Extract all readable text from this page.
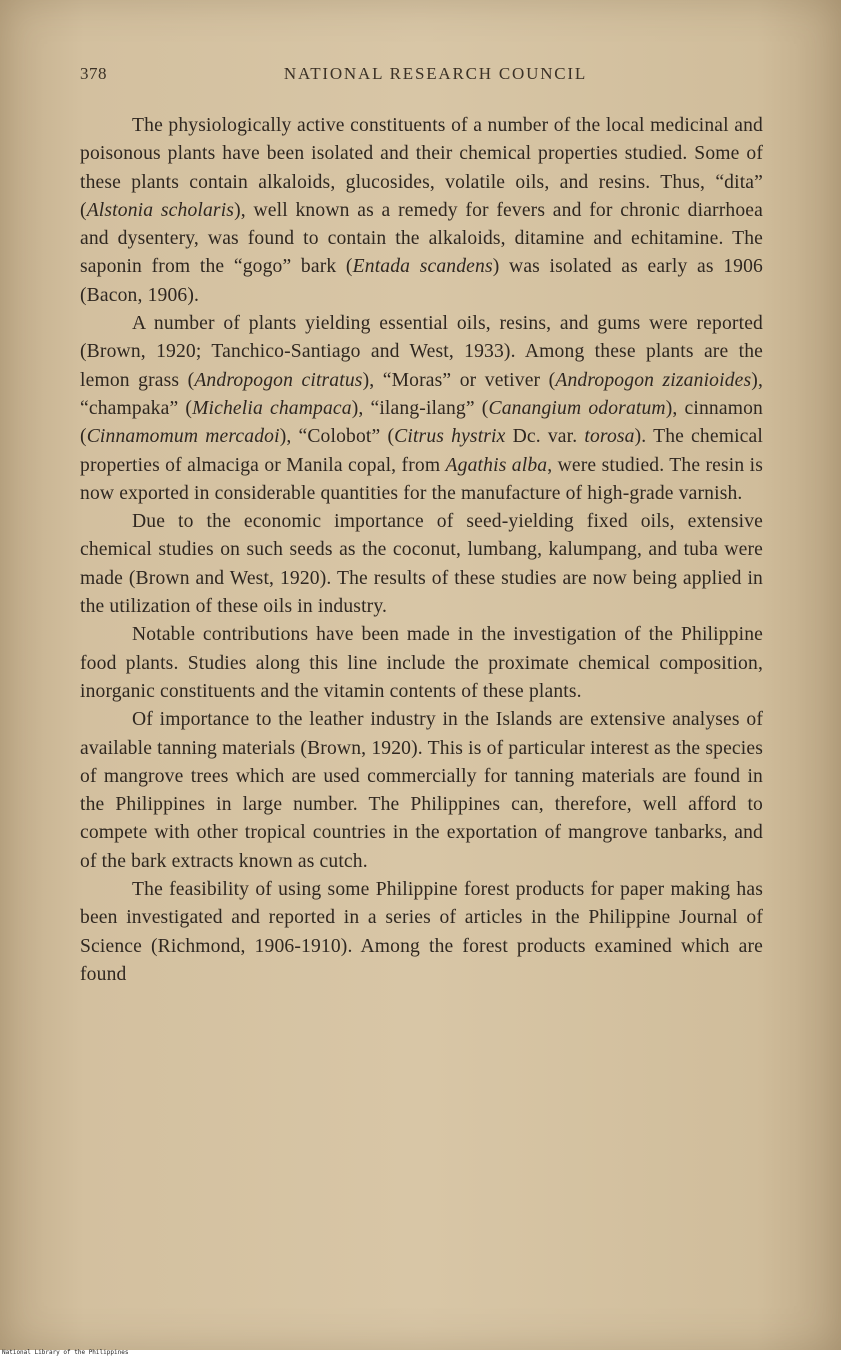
378	NATIONAL RESEARCH COUNCIL

The physiologically active constituents of a number of the local medicinal and poisonous plants have been isolated and their chemical properties studied. Some of these plants contain alkaloids, glucosides, volatile oils, and resins. Thus, “dita” (Alstonia scholaris), well known as a remedy for fevers and for chronic diarrhoea and dysentery, was found to contain the alkaloids, ditamine and echitamine. The saponin from the “gogo” bark (Entada scandens) was isolated as early as 1906 (Bacon, 1906).

A number of plants yielding essential oils, resins, and gums were reported (Brown, 1920; Tanchico-Santiago and West, 1933). Among these plants are the lemon grass (Andropogon citratus), “Moras” or vetiver (Andropogon zizanioides), “champaka” (Michelia champaca), “ilang-ilang” (Canangium odoratum), cinnamon (Cinnamomum mercadoi), “Colobot” (Citrus hystrix Dc. var. torosa). The chemical properties of almaciga or Manila copal, from Agathis alba, were studied. The resin is now exported in considerable quantities for the manufacture of high-grade varnish.

Due to the economic importance of seed-yielding fixed oils, extensive chemical studies on such seeds as the coconut, lumbang, kalumpang, and tuba were made (Brown and West, 1920). The results of these studies are now being applied in the utilization of these oils in industry.

Notable contributions have been made in the investigation of the Philippine food plants. Studies along this line include the proximate chemical composition, inorganic constituents and the vitamin contents of these plants.

Of importance to the leather industry in the Islands are extensive analyses of available tanning materials (Brown, 1920). This is of particular interest as the species of mangrove trees which are used commercially for tanning materials are found in the Philippines in large number. The Philippines can, therefore, well afford to compete with other tropical countries in the exportation of mangrove tanbarks, and of the bark extracts known as cutch.

The feasibility of using some Philippine forest products for paper making has been investigated and reported in a series of articles in the Philippine Journal of Science (Richmond, 1906-1910). Among the forest products examined which are found

National Library of the Philippines
